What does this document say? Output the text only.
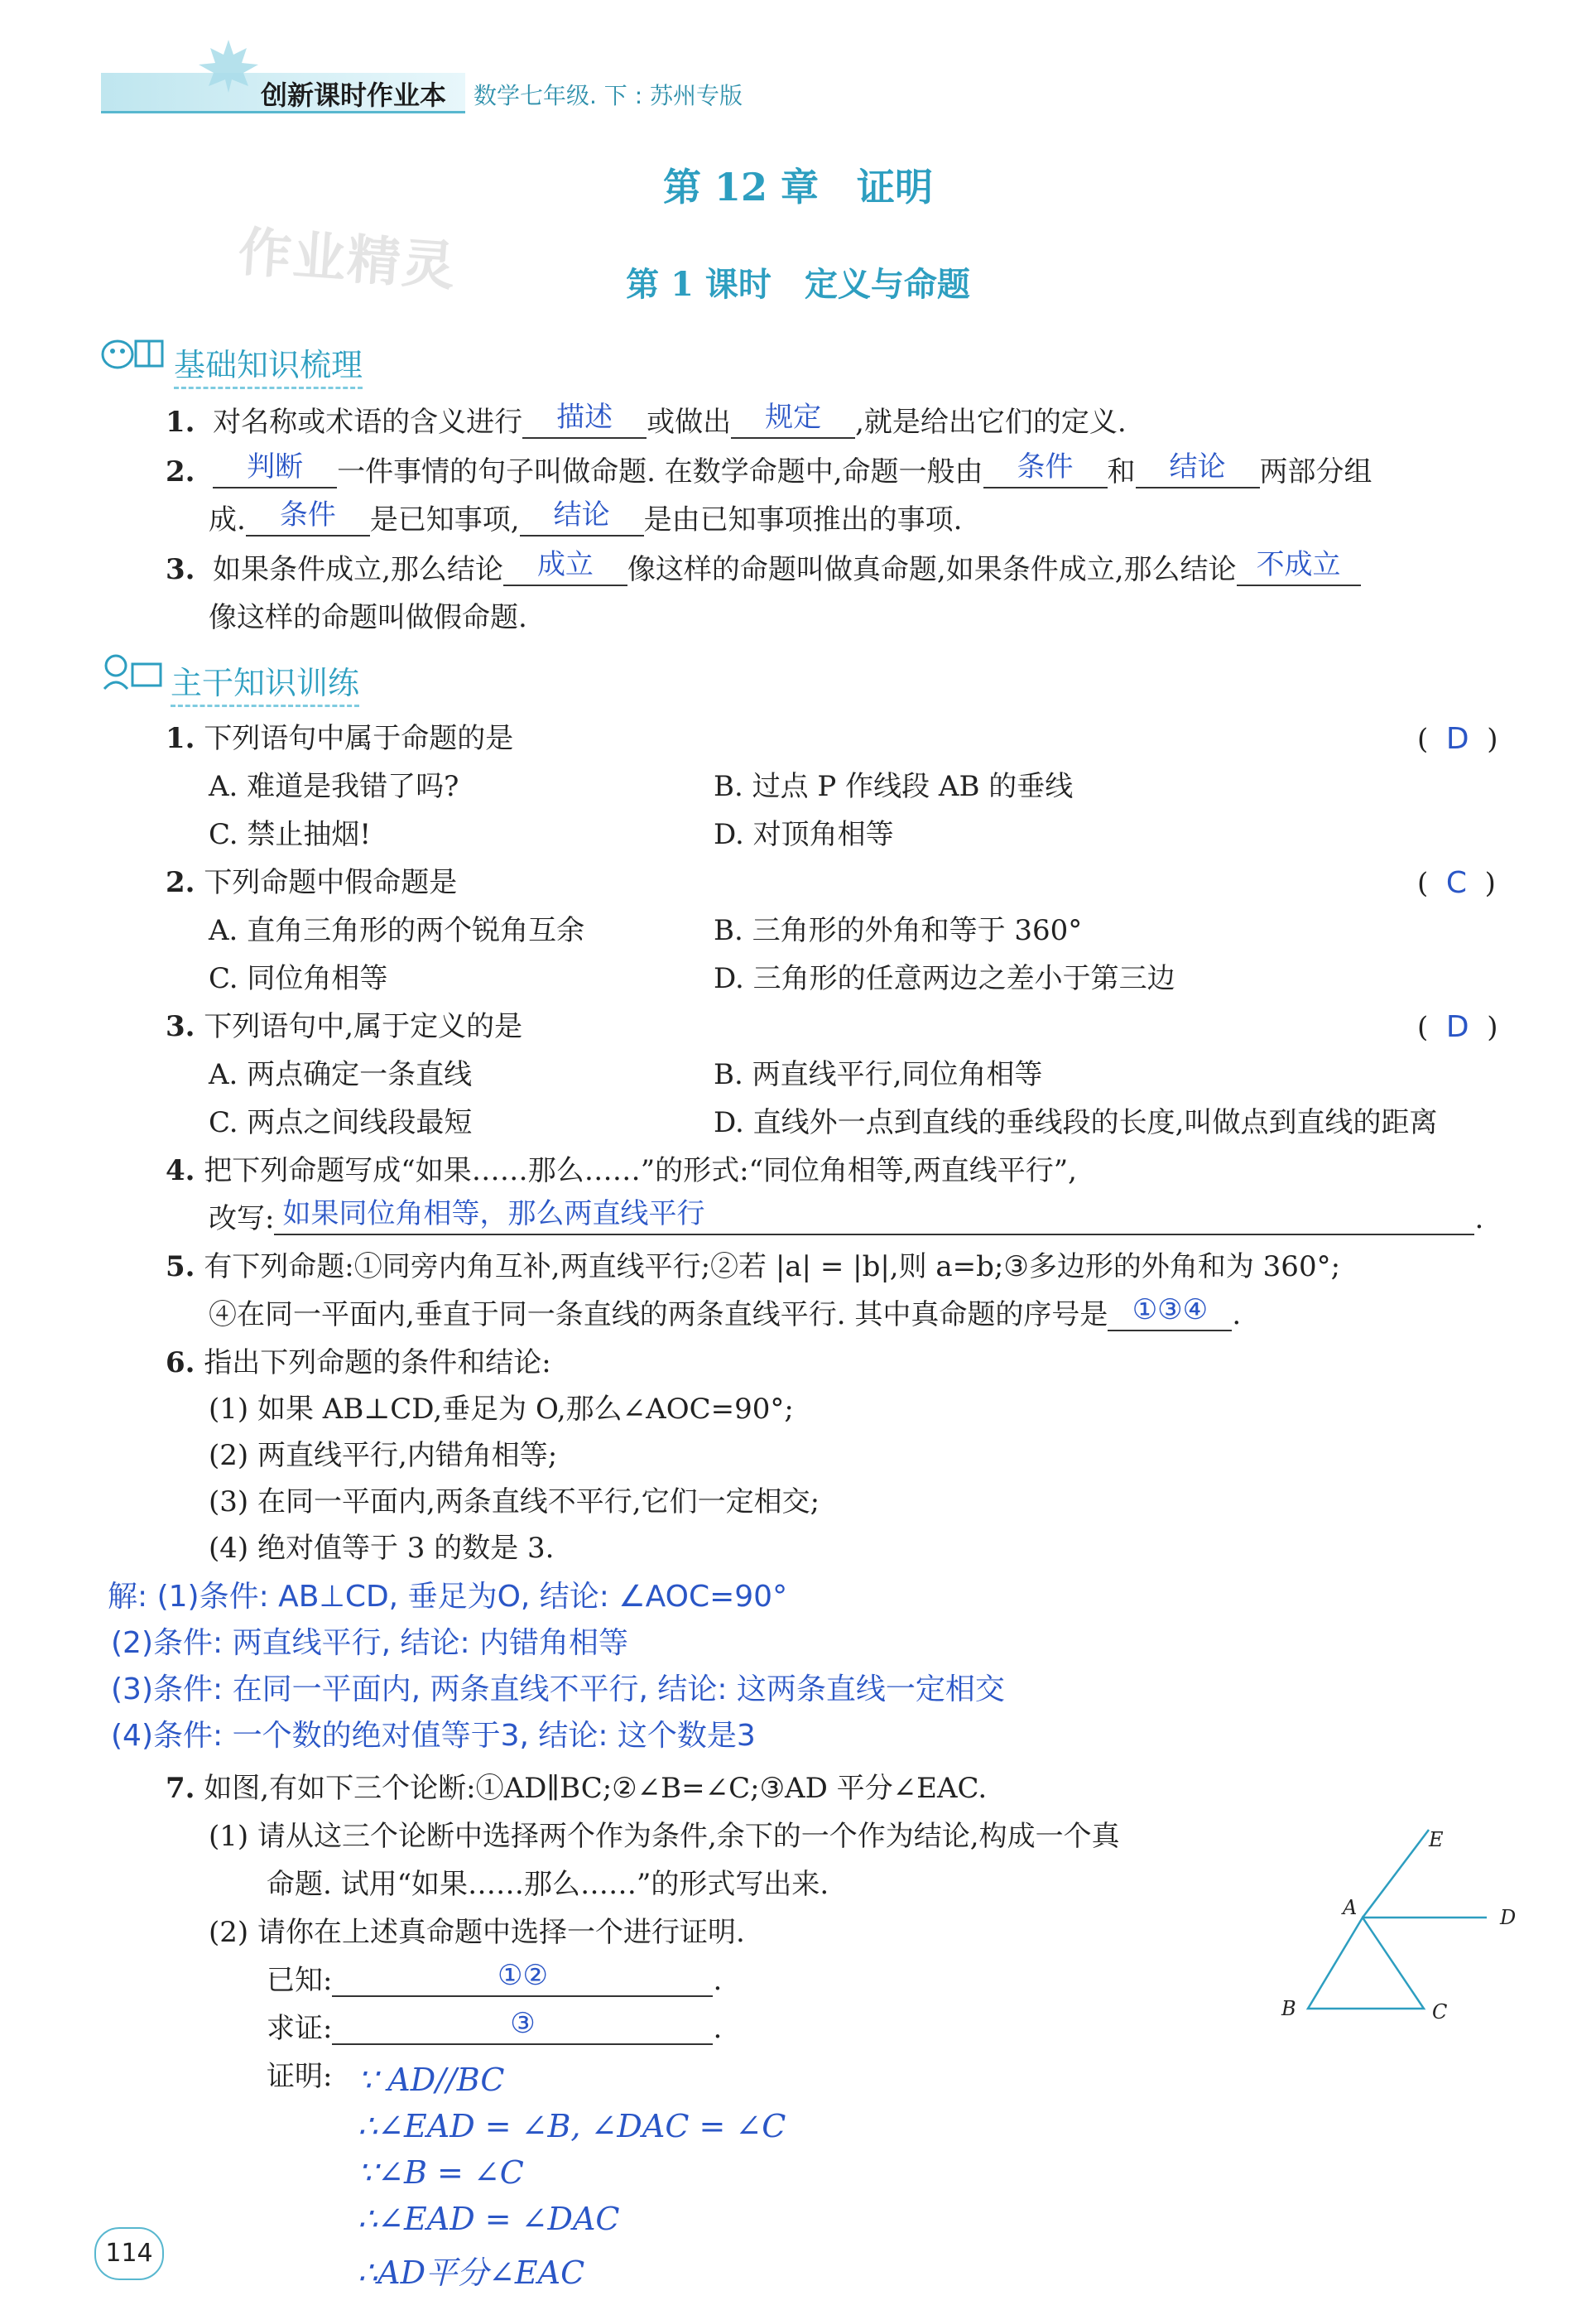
创新课时作业本 数学七年级. 下 : 苏州专版
作业精灵
第 12 章　证明
第 1 课时　定义与命题
基础知识梳理
1. 对名称或术语的含义进行	描述	或做出	规定	,就是给出它们的定义.
2.	判断	一件事情的句子叫做命题. 在数学命题中,命题一般由	条件	和	结论	两部分组
成.	条件	是已知事项,	结论	是由已知事项推出的事项.
3. 如果条件成立,那么结论	成立	像这样的命题叫做真命题,如果条件成立,那么结论 不成立
像这样的命题叫做假命题.
主干知识训练
1. 下列语句中属于命题的是	(  D  )
A. 难道是我错了吗?	B. 过点 P 作线段 AB 的垂线
C. 禁止抽烟!	D. 对顶角相等
2. 下列命题中假命题是	(  C  )
A. 直角三角形的两个锐角互余	B. 三角形的外角和等于 360°
C. 同位角相等	D. 三角形的任意两边之差小于第三边
3. 下列语句中,属于定义的是	(  D  )
A. 两点确定一条直线	B. 两直线平行,同位角相等
C. 两点之间线段最短	D. 直线外一点到直线的垂线段的长度,叫做点到直线的距离
4. 把下列命题写成“如果……那么……”的形式:“同位角相等,两直线平行”,
改写: 如果同位角相等，那么两直线平行	.
5. 有下列命题:①同旁内角互补,两直线平行;②若 |a| = |b|,则 a=b;③多边形的外角和为 360°;
④在同一平面内,垂直于同一条直线的两条直线平行. 其中真命题的序号是 ①③④ .
6. 指出下列命题的条件和结论:
(1) 如果 AB⊥CD,垂足为 O,那么∠AOC=90°;
(2) 两直线平行,内错角相等;
(3) 在同一平面内,两条直线不平行,它们一定相交;
(4) 绝对值等于 3 的数是 3.
解: (1)条件: AB⊥CD, 垂足为O, 结论: ∠AOC=90°
(2)条件: 两直线平行, 结论: 内错角相等
(3)条件: 在同一平面内, 两条直线不平行, 结论: 这两条直线一定相交
(4)条件: 一个数的绝对值等于3, 结论: 这个数是3
7. 如图,有如下三个论断:①AD∥BC;②∠B=∠C;③AD 平分∠EAC.
(1) 请从这三个论断中选择两个作为条件,余下的一个作为结论,构成一个真
命题. 试用“如果……那么……”的形式写出来.
(2) 请你在上述真命题中选择一个进行证明.
已知:	①②	.
求证:	③	.
证明: ∵ AD//BC
∴∠EAD = ∠B, ∠DAC = ∠C
∵∠B = ∠C
∴∠EAD = ∠DAC
∴AD平分∠EAC
E
A	D
B	C
114
